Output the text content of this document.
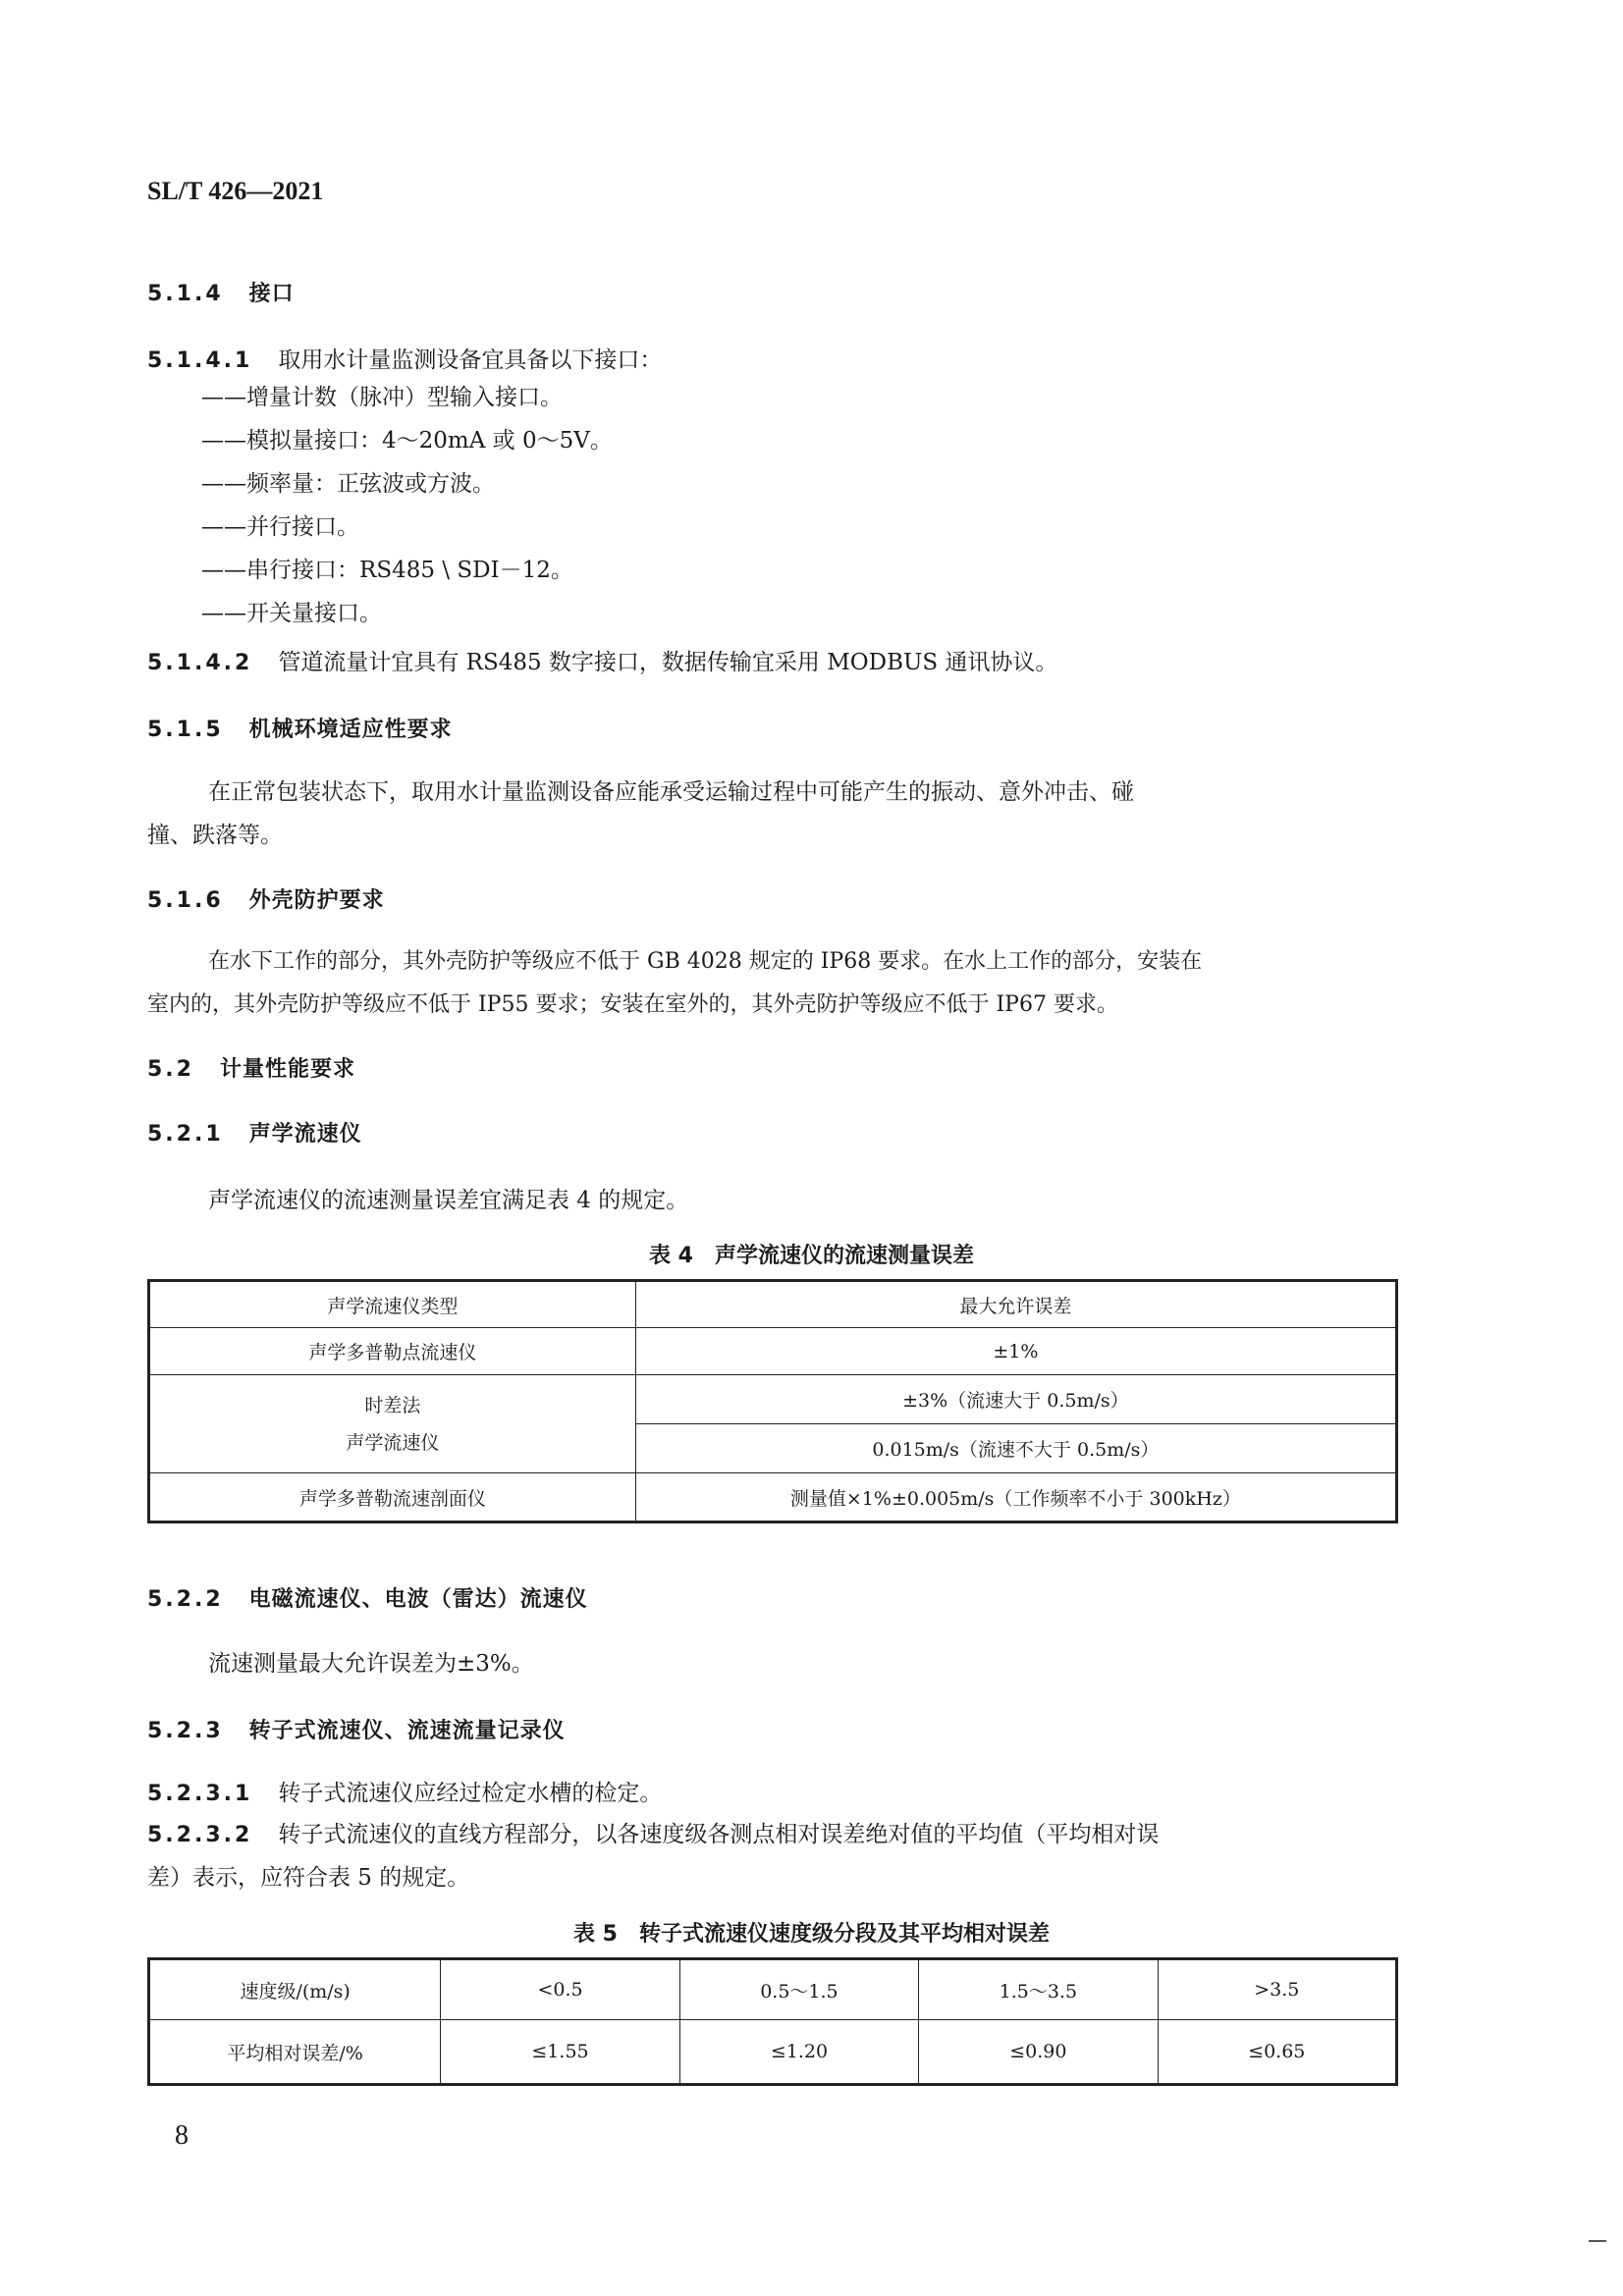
SL/T 426—2021
5.1.4 接口
5.1.4.1 取用水计量监测设备宜具备以下接口：
——增量计数（脉冲）型输入接口。
——模拟量接口：4～20mA 或 0～5V。
——频率量：正弦波或方波。
——并行接口。
——串行接口：RS485 \ SDI－12。
——开关量接口。
5.1.4.2 管道流量计宜具有 RS485 数字接口，数据传输宜采用 MODBUS 通讯协议。
5.1.5 机械环境适应性要求
在正常包装状态下，取用水计量监测设备应能承受运输过程中可能产生的振动、意外冲击、碰
撞、跌落等。
5.1.6 外壳防护要求
在水下工作的部分，其外壳防护等级应不低于 GB 4028 规定的 IP68 要求。在水上工作的部分，安装在
室内的，其外壳防护等级应不低于 IP55 要求；安装在室外的，其外壳防护等级应不低于 IP67 要求。
5.2 计量性能要求
5.2.1 声学流速仪
声学流速仪的流速测量误差宜满足表 4 的规定。
表 4　声学流速仪的流速测量误差
声学流速仪类型	最大允许误差
声学多普勒点流速仪	±1%

时差法
声学流速仪	±3%（流速大于 0.5m/s）
	0.015m/s（流速不大于 0.5m/s）
声学多普勒流速剖面仪	测量值×1%±0.005m/s（工作频率不小于 300kHz）
5.2.2 电磁流速仪、电波（雷达）流速仪
流速测量最大允许误差为±3%。
5.2.3 转子式流速仪、流速流量记录仪
5.2.3.1 转子式流速仪应经过检定水槽的检定。
5.2.3.2 转子式流速仪的直线方程部分，以各速度级各测点相对误差绝对值的平均值（平均相对误
差）表示，应符合表 5 的规定。
表 5　转子式流速仪速度级分段及其平均相对误差
速度级/(m/s)	<0.5	0.5～1.5	1.5～3.5	>3.5
平均相对误差/%	≤1.55	≤1.20	≤0.90	≤0.65
8
